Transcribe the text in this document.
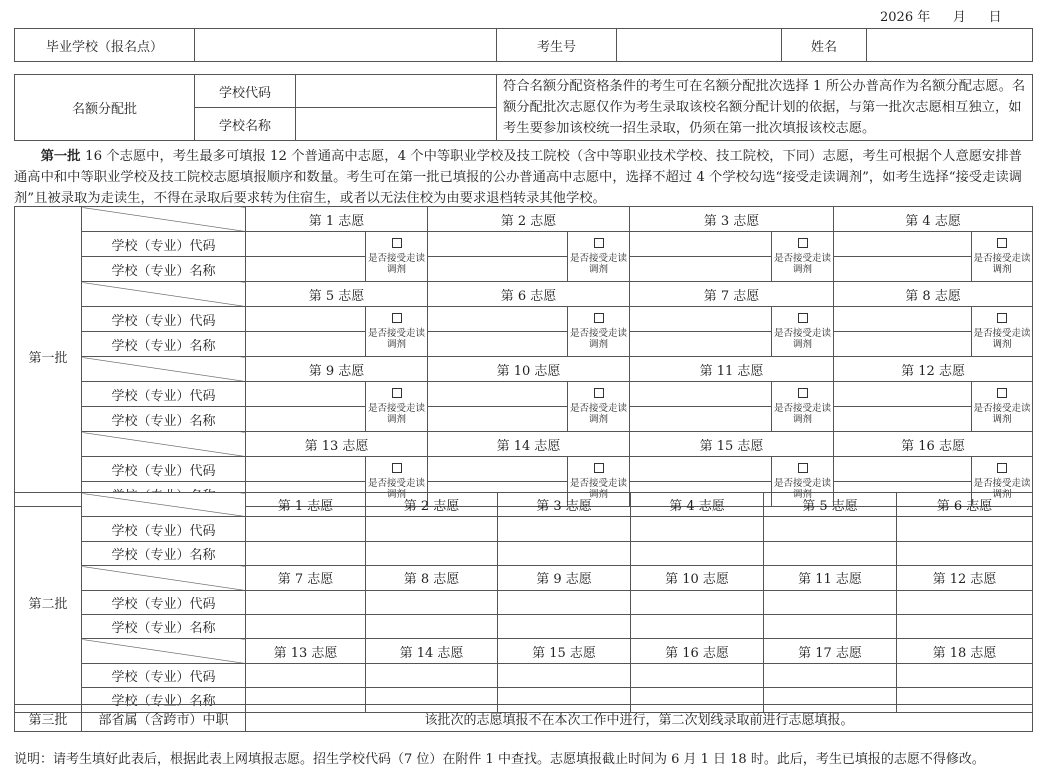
2026 年 月 日
毕业学校（报名点）		考生号		姓名	
名额分配批	学校代码		符合名额分配资格条件的考生可在名额分配批次选择 1 所公办普高作为名额分配志愿。名额分配批次志愿仅作为考生录取该校名额分配计划的依据，与第一批次志愿相互独立，如考生要参加该校统一招生录取，仍须在第一批次填报该校志愿。
	学校名称		
第一批 16 个志愿中，考生最多可填报 12 个普通高中志愿，4 个中等职业学校及技工院校（含中等职业技术学校、技工院校，下同）志愿，考生可根据个人意愿安排普通高中和中等职业学校及技工院校志愿填报顺序和数量。考生可在第一批已填报的公办普通高中志愿中，选择不超过 4 个学校勾选“接受走读调剂”，如考生选择“接受走读调剂”且被录取为走读生，不得在录取后要求转为住宿生，或者以无法住校为由要求退档转录其他学校。
第一批		第 1 志愿		第 2 志愿		第 3 志愿		第 4 志愿	
	学校（专业）代码		是否接受走读调剂		是否接受走读调剂		是否接受走读调剂		是否接受走读调剂
	学校（专业）名称								
		第 5 志愿		第 6 志愿		第 7 志愿		第 8 志愿	
	学校（专业）代码		是否接受走读调剂		是否接受走读调剂		是否接受走读调剂		是否接受走读调剂
	学校（专业）名称								
		第 9 志愿		第 10 志愿		第 11 志愿		第 12 志愿	
	学校（专业）代码		是否接受走读调剂		是否接受走读调剂		是否接受走读调剂		是否接受走读调剂
	学校（专业）名称								
		第 13 志愿		第 14 志愿		第 15 志愿		第 16 志愿	
	学校（专业）代码		是否接受走读调剂		是否接受走读调剂		是否接受走读调剂		是否接受走读调剂

第二批		第 1 志愿	第 2 志愿	第 3 志愿	第 4 志愿	第 5 志愿	第 6 志愿
	学校（专业）代码						
	学校（专业）名称						
		第 7 志愿	第 8 志愿	第 9 志愿	第 10 志愿	第 11 志愿	第 12 志愿
	学校（专业）代码						
	学校（专业）名称						
		第 13 志愿	第 14 志愿	第 15 志愿	第 16 志愿	第 17 志愿	第 18 志愿
	学校（专业）代码						
	学校（专业）名称						
第三批	部省属（含跨市）中职	该批次的志愿填报不在本次工作中进行，第二次划线录取前进行志愿填报。
说明：请考生填好此表后，根据此表上网填报志愿。招生学校代码（7 位）在附件 1 中查找。志愿填报截止时间为 6 月 1 日 18 时。此后，考生已填报的志愿不得修改。
